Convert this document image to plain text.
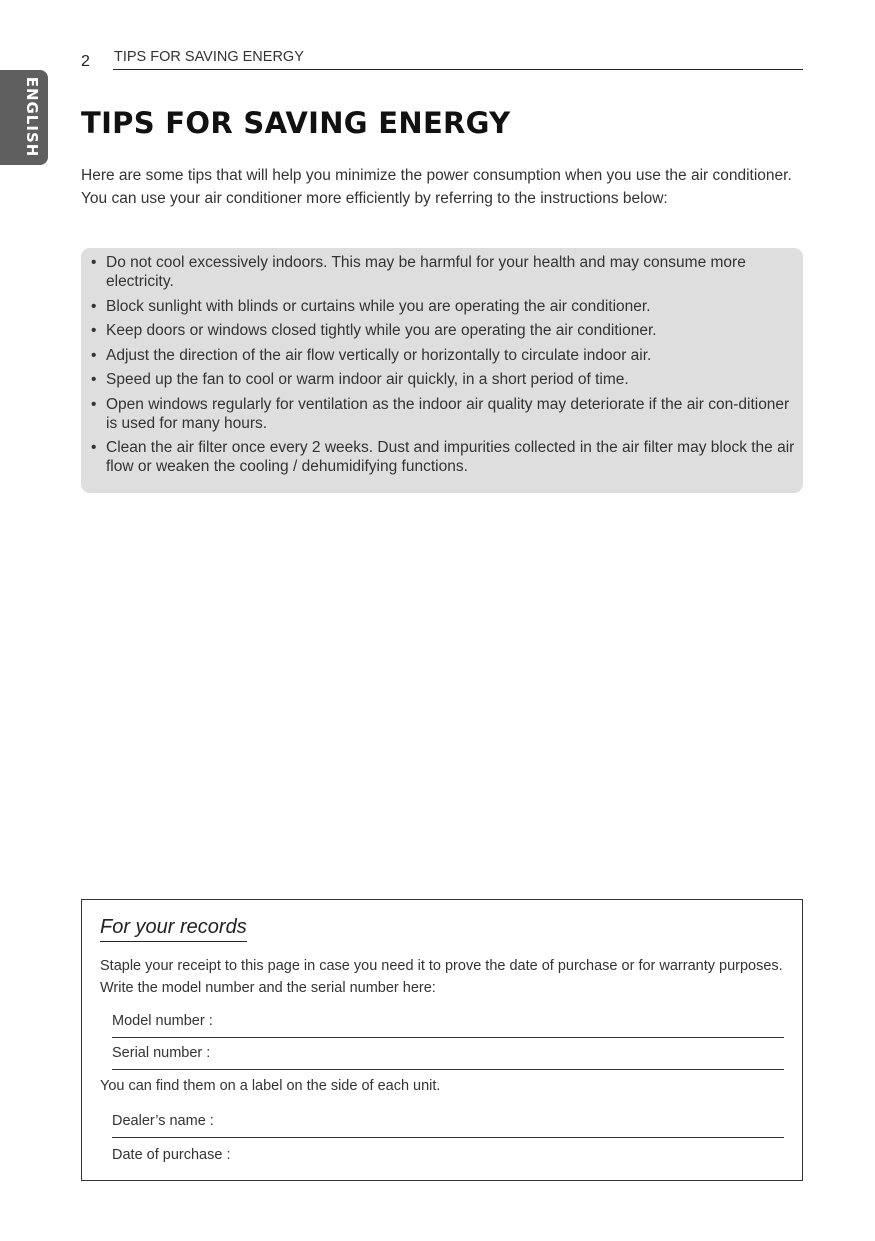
ENGLISH
2 TIPS FOR SAVING ENERGY
TIPS FOR SAVING ENERGY

Here are some tips that will help you minimize the power consumption when you use the air conditioner. You can use your air conditioner more efficiently by referring to the instructions below:

• Do not cool excessively indoors. This may be harmful for your health and may consume more electricity.
• Block sunlight with blinds or curtains while you are operating the air conditioner.
• Keep doors or windows closed tightly while you are operating the air conditioner.
• Adjust the direction of the air flow vertically or horizontally to circulate indoor air.
• Speed up the fan to cool or warm indoor air quickly, in a short period of time.
• Open windows regularly for ventilation as the indoor air quality may deteriorate if the air con-ditioner is used for many hours.
• Clean the air filter once every 2 weeks. Dust and impurities collected in the air filter may block the air flow or weaken the cooling / dehumidifying functions.
For your records

Staple your receipt to this page in case you need it to prove the date of purchase or for warranty purposes. Write the model number and the serial number here:

Model number :
Serial number :
You can find them on a label on the side of each unit.
Dealer’s name :
Date of purchase :
